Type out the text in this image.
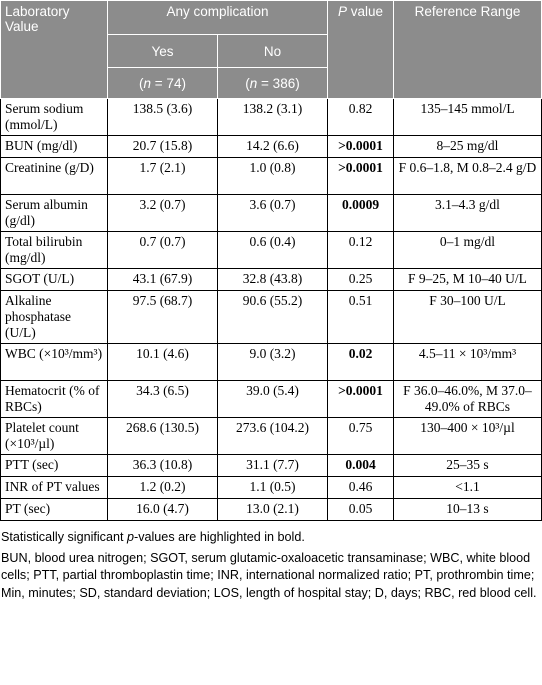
Laboratory Value	Any complication		P value	Reference Range
	Yes	No		
	(n = 74)	(n = 386)		
Serum sodium (mmol/L)	138.5 (3.6)	138.2 (3.1)	0.82	135–145 mmol/L
BUN (mg/dl)	20.7 (15.8)	14.2 (6.6)	>0.0001	8–25 mg/dl
Creatinine (g/D)	1.7 (2.1)	1.0 (0.8)	>0.0001	F 0.6–1.8, M 0.8–2.4 g/D
Serum albumin (g/dl)	3.2 (0.7)	3.6 (0.7)	0.0009	3.1–4.3 g/dl
Total bilirubin (mg/dl)	0.7 (0.7)	0.6 (0.4)	0.12	0–1 mg/dl
SGOT (U/L)	43.1 (67.9)	32.8 (43.8)	0.25	F 9–25, M 10–40 U/L
Alkaline phosphatase (U/L)	97.5 (68.7)	90.6 (55.2)	0.51	F 30–100 U/L
WBC (×10³/mm³)	10.1 (4.6)	9.0 (3.2)	0.02	4.5–11 × 10³/mm³
Hematocrit (% of RBCs)	34.3 (6.5)	39.0 (5.4)	>0.0001	F 36.0–46.0%, M 37.0–49.0% of RBCs
Platelet count (×10³/µl)	268.6 (130.5)	273.6 (104.2)	0.75	130–400 × 10³/µl
PTT (sec)	36.3 (10.8)	31.1 (7.7)	0.004	25–35 s
INR of PT values	1.2 (0.2)	1.1 (0.5)	0.46	<1.1
PT (sec)	16.0 (4.7)	13.0 (2.1)	0.05	10–13 s

Statistically significant p-values are highlighted in bold.

BUN, blood urea nitrogen; SGOT, serum glutamic-oxaloacetic transaminase; WBC, white blood cells; PTT, partial thromboplastin time; INR, international normalized ratio; PT, prothrombin time; Min, minutes; SD, standard deviation; LOS, length of hospital stay; D, days; RBC, red blood cell.
